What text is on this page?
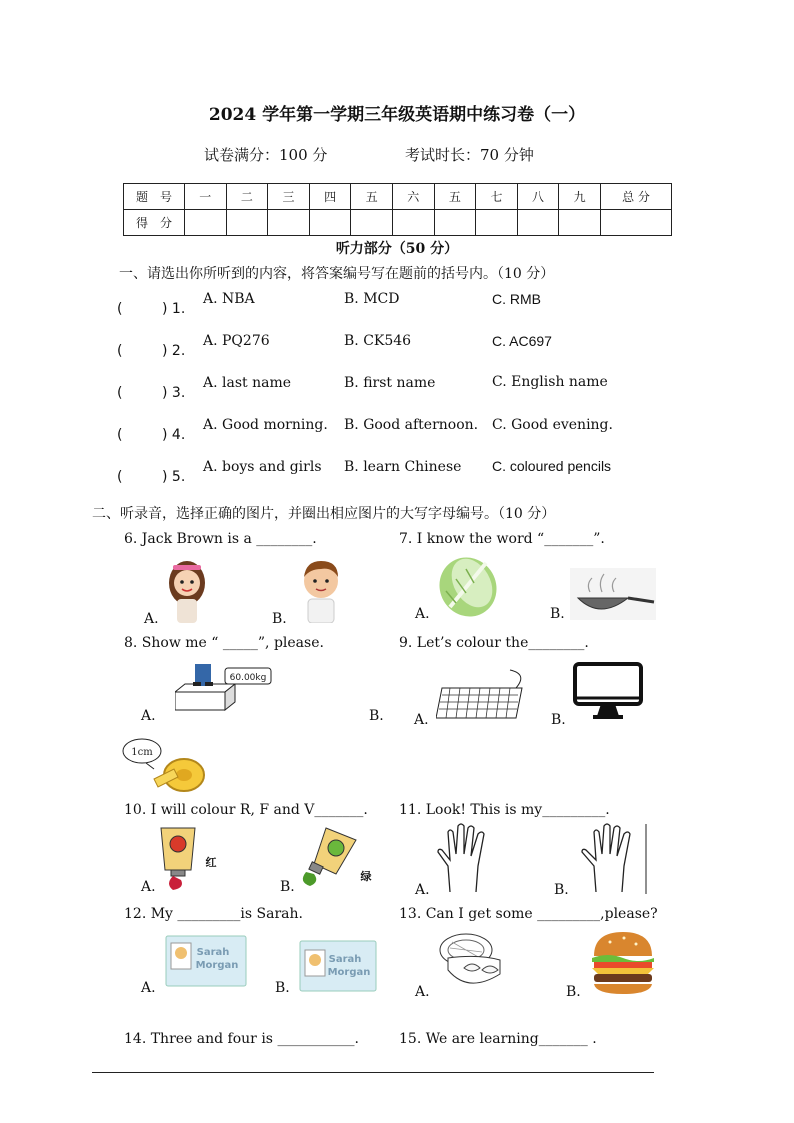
2024 学年第一学期三年级英语期中练习卷（一）
试卷满分：100 分	考试时长：70 分钟
题　号	一	二	三	四	五	六	五	七	八	九	总 分
得　分											
听力部分（50 分）
一、请选出你所听到的内容，将答案编号写在题前的括号内。（10 分）
(	) 1.
A. NBA	B. MCD	C. RMB
(	) 2.
A. PQ276	B. CK546	C. AC697
(	) 3.
A. last name	B. first name	C. English name
(	) 4.
A. Good morning. B. Good afternoon. C. Good evening.
(	) 5.
A. boys and girls B. learn Chinese C. coloured pencils
二、听录音，选择正确的图片，并圈出相应图片的大写字母编号。（10 分）
6. Jack Brown is a ________.
A.	B.
7. I know the word “_______”.
A.	B.
8. Show me “ _____”, please.
60.00kg
A.	B.
1cm
9. Let’s colour the________.
A.	B.
10. I will colour R, F and V_______.
红
A.
绿
B.
11. Look! This is my_________.
A.	B.
12. My _________is Sarah.
Sarah
Morgan
A.
Sarah
Morgan
B.
13. Can I get some _________,please?
A.	B.
14. Three and four is ___________.	15. We are learning_______ .
